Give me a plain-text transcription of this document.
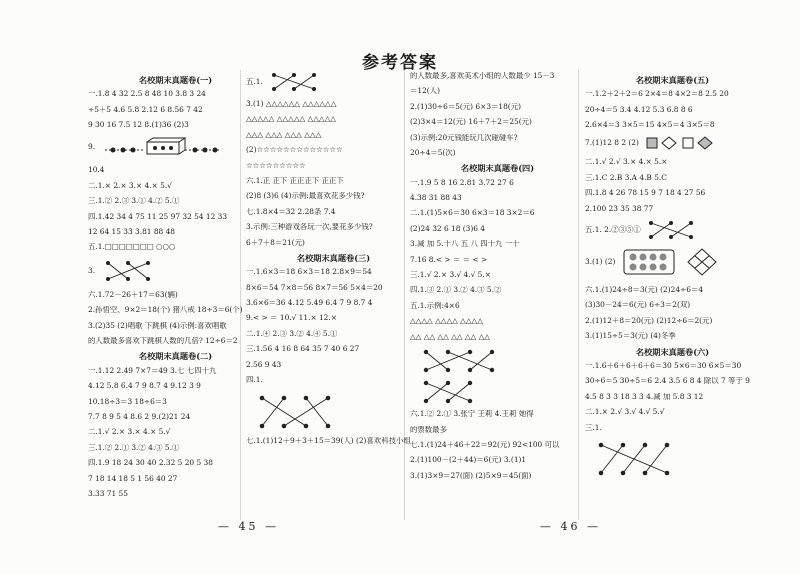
参考答案
名校期末真题卷(一)
一.1.8 4 32 2.5 8 48 10 3.8 3 24
÷5＋5 4.6 5.8 2.12 6 8.56 7 42
9 30 16 7.5 12 8.(1)36 (2)3
9.
10.4
二.1.× 2.× 3.× 4.× 5.√
三.1.② 2.③ 3.① 4.② 5.①
四.1.42 34 4 75 11 25 97 32 54 12 33
12 64 15 33 3.81 88 48
五.1.□□□□□□□ ○○○
3.
六.1.72－26＋17＝63(辆)
2.孙悟空、9×2＝18(个) 猪八戒 18÷3＝6(个)
3.(2)35 (2)唱歌 下跳棋 (4)示例:喜欢唱歌
的人数最多喜欢下跳棋人数的几倍? 12÷6＝2
名校期末真题卷(二)
一.1.12 2.49 7×7＝49 3.七 七四十九
4.12 5.8 6.4 7 9 8.7 4 9.12 3 9
10.18÷3＝3 18÷6＝3
7.7 8 9 5 4 8.6 2 9.(2)21 24
二.1.√ 2.× 3.× 4.× 5.√
三.1.② 2.① 3.② 4.③ 5.①
四.1.9 18 24 30 40 2.32 5 20 5 38
7 18 14 18 5 1 56 40 27
3.33 71 55
五.1.
3.(1) △△△△△△ △△△△△△
△△△△△ △△△△△ △△△△△
△△△ △△△ △△△ △△△
(2)☆☆☆☆☆☆☆☆☆☆☆☆☆
☆☆☆☆☆☆☆☆☆
六.1.正 正下 正正正下 正正下
(2)8 (3)6 (4)示例:最喜欢花多少钱?
七.1.8×4＝32 2.28条 7.4
3.示例:三种游戏各玩一次,要花多少钱?
6＋7＋8＝21(元)
名校期末真题卷(三)
一.1.6×3＝18 6×3＝18 2.8×9＝54
8×6＝54 7×8＝56 8×7＝56 5×4＝20
3.6×6＝36 4.12 5.49 6.4 7 9 8.7 4
9.< > ＝ 10.√ 11.× 12.×
二.1.④ 2.③ 3.② 4.④ 5.①
三.1.56 4 16 8 64 35 7 40 6 27
2.56 9 43
四.1.
七.1.(1)12＋9＋3＋15＝39(人) (2)喜欢科技小组
的人数最多,喜欢美术小组的人数最少 15－3
＝12(人)
2.(1)30÷6＝5(元) 6×3＝18(元)
(2)3×4＝12(元) 16＋7＋2＝25(元)
(3)示例:20元钱能玩几次碰碰车?
20÷4＝5(次)
名校期末真题卷(四)
一.1.9 5 8 16 2.81 3.72 27 6
4.38 31 88 43
二.1.(1)5×6＝30 6×3＝18 3×2＝6
(2)24 32 6 18 (3)6 4
3.减 加 5.十八 五 八 四十九 一十
7.16 8.< > ＝ ＝ < >
三.1.√ 2.× 3.√ 4.√ 5.×
四.1.③ 2.① 3.② 4.③ 5.②
五.1.示例:4×6
△△△△ △△△△ △△△△
△△ △△ △△ △△ △△ △△
六.1.② 2.① 3.张宁 王莉 4.王莉 她得
的票数最多
七.1.(1)24＋46＋22＝92(元) 92<100 可以
2.(1)100－(2＋44)＝6(元) 3.(1)1
3.(1)3×9＝27(面) (2)5×9＝45(面)
名校期末真题卷(五)
一.1.2＋2＋2＝6 2×4＝8 4×2＝8 2.5 20
20÷4＝5 3.4 4.12 5.3 6.8 8 6
2.6×4＝3 3×5＝15 4×5＝4 3×5＝8
7.(1)12 8 2 (2)
二.1.√ 2.√ 3.× 4.× 5.×
三.1.C 2.B 3.A 4.B 5.C
四.1.8 4 26 78 15 9 7 18 4 27 56
2.100 23 35 38 77
五.1. 2.②③⑤①
3.(1) (2)
六.1.(1)24÷8＝3(元) (2)24÷6＝4
(3)30－24＝6(元) 6÷3＝2(双)
2.(1)12＋8＝20(元) (2)12÷6＝2(元)
3.(1)15÷5＝3(元) (4)冬季
名校期末真题卷(六)
一.1.6＋6＋6＋6＋6＝30 5×6＝30 6×5＝30
30÷6＝5 30÷5＝6 2.4 3.5 6 8 4 除以 7 等于 9
4.5 8 3 3 18 3 3 4.减 加 5.8 3 12
二.1.× 2.√ 3.√ 4.√ 5.√
三.1.
— 45 —	— 46 —
